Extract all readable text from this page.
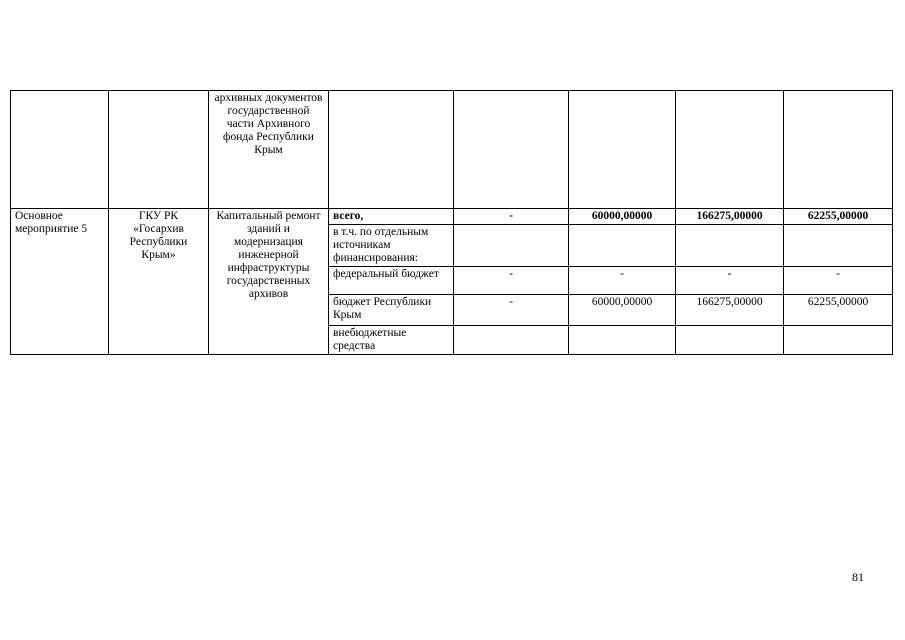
		архивных документов государственной части Архивного фонда Республики Крым					
Основное мероприятие 5	ГКУ РК «Госархив Республики Крым»	Капитальный ремонт зданий и модернизация инженерной инфраструктуры государственных архивов	всего,	-	60000,00000	166275,00000	62255,00000
			в т.ч. по отдельным источникам финансирования:				
			федеральный бюджет	-	-	-	-
			бюджет Республики Крым	-	60000,00000	166275,00000	62255,00000
			внебюджетные средства				
81
